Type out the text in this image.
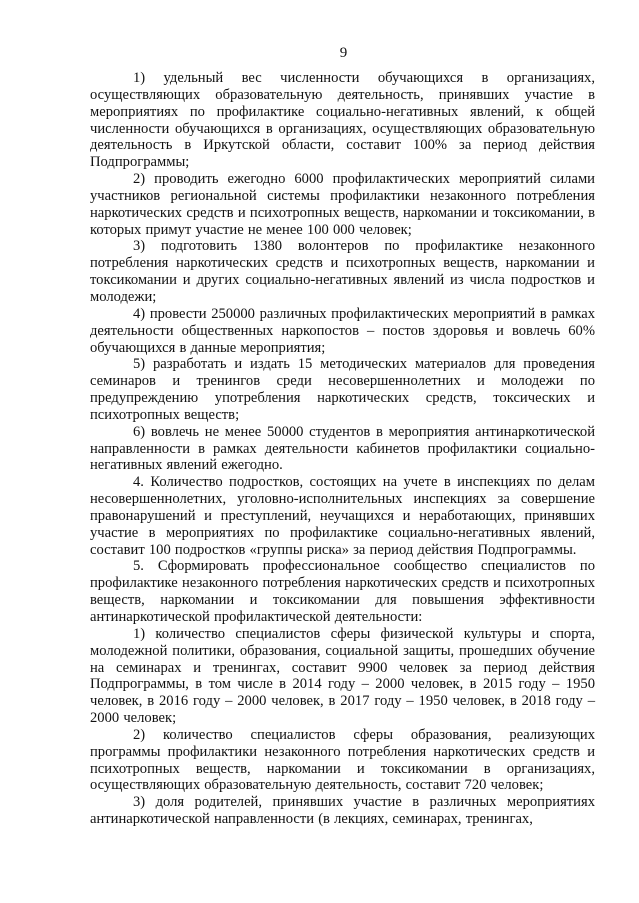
9

1) удельный вес численности обучающихся в организациях, осуществляющих образовательную деятельность, принявших участие в мероприятиях по профилактике социально-негативных явлений, к общей численности обучающихся в организациях, осуществляющих образовательную деятельность в Иркутской области, составит 100% за период действия Подпрограммы;

2) проводить ежегодно 6000 профилактических мероприятий силами участников региональной системы профилактики незаконного потребления наркотических средств и психотропных веществ, наркомании и токсикомании, в которых примут участие не менее 100 000 человек;

3) подготовить 1380 волонтеров по профилактике незаконного потребления наркотических средств и психотропных веществ, наркомании и токсикомании и других социально-негативных явлений из числа подростков и молодежи;

4) провести 250000 различных профилактических мероприятий в рамках деятельности общественных наркопостов – постов здоровья и вовлечь 60% обучающихся в данные мероприятия;

5) разработать и издать 15 методических материалов для проведения семинаров и тренингов среди несовершеннолетних и молодежи по предупреждению употребления наркотических средств, токсических и психотропных веществ;

6) вовлечь не менее 50000 студентов в мероприятия антинаркотической направленности в рамках деятельности кабинетов профилактики социально-негативных явлений ежегодно.

4. Количество подростков, состоящих на учете в инспекциях по делам несовершеннолетних, уголовно-исполнительных инспекциях за совершение правонарушений и преступлений, неучащихся и неработающих, принявших участие в мероприятиях по профилактике социально-негативных явлений, составит 100 подростков «группы риска» за период действия Подпрограммы.

5. Сформировать профессиональное сообщество специалистов по профилактике незаконного потребления наркотических средств и психотропных веществ, наркомании и токсикомании для повышения эффективности антинаркотической профилактической деятельности:

1) количество специалистов сферы физической культуры и спорта, молодежной политики, образования, социальной защиты, прошедших обучение на семинарах и тренингах, составит 9900 человек за период действия Подпрограммы, в том числе в 2014 году – 2000 человек, в 2015 году – 1950 человек, в 2016 году – 2000 человек, в 2017 году – 1950 человек, в 2018 году – 2000 человек;

2) количество специалистов сферы образования, реализующих программы профилактики незаконного потребления наркотических средств и психотропных веществ, наркомании и токсикомании в организациях, осуществляющих образовательную деятельность, составит 720 человек;

3) доля родителей, принявших участие в различных мероприятиях антинаркотической направленности (в лекциях, семинарах, тренингах,
